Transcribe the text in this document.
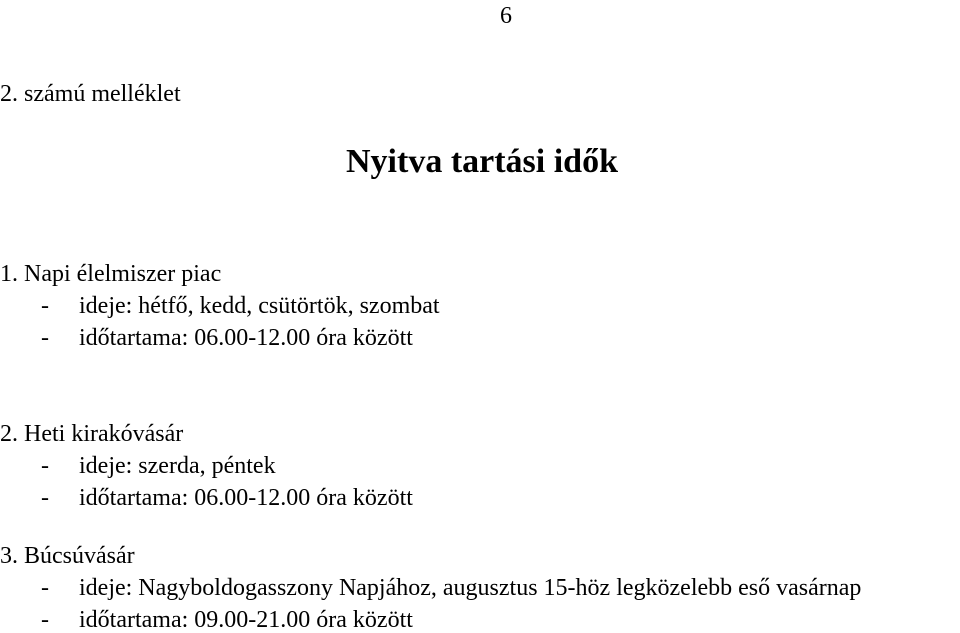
6
2. számú melléklet
Nyitva tartási idők
1. Napi élelmiszer piac
- ideje: hétfő, kedd, csütörtök, szombat
- időtartama: 06.00-12.00 óra között
2. Heti kirakóvásár
- ideje: szerda, péntek
- időtartama: 06.00-12.00 óra között
3. Búcsúvásár
- ideje: Nagyboldogasszony Napjához, augusztus 15-höz legközelebb eső vasárnap
- időtartama: 09.00-21.00 óra között
